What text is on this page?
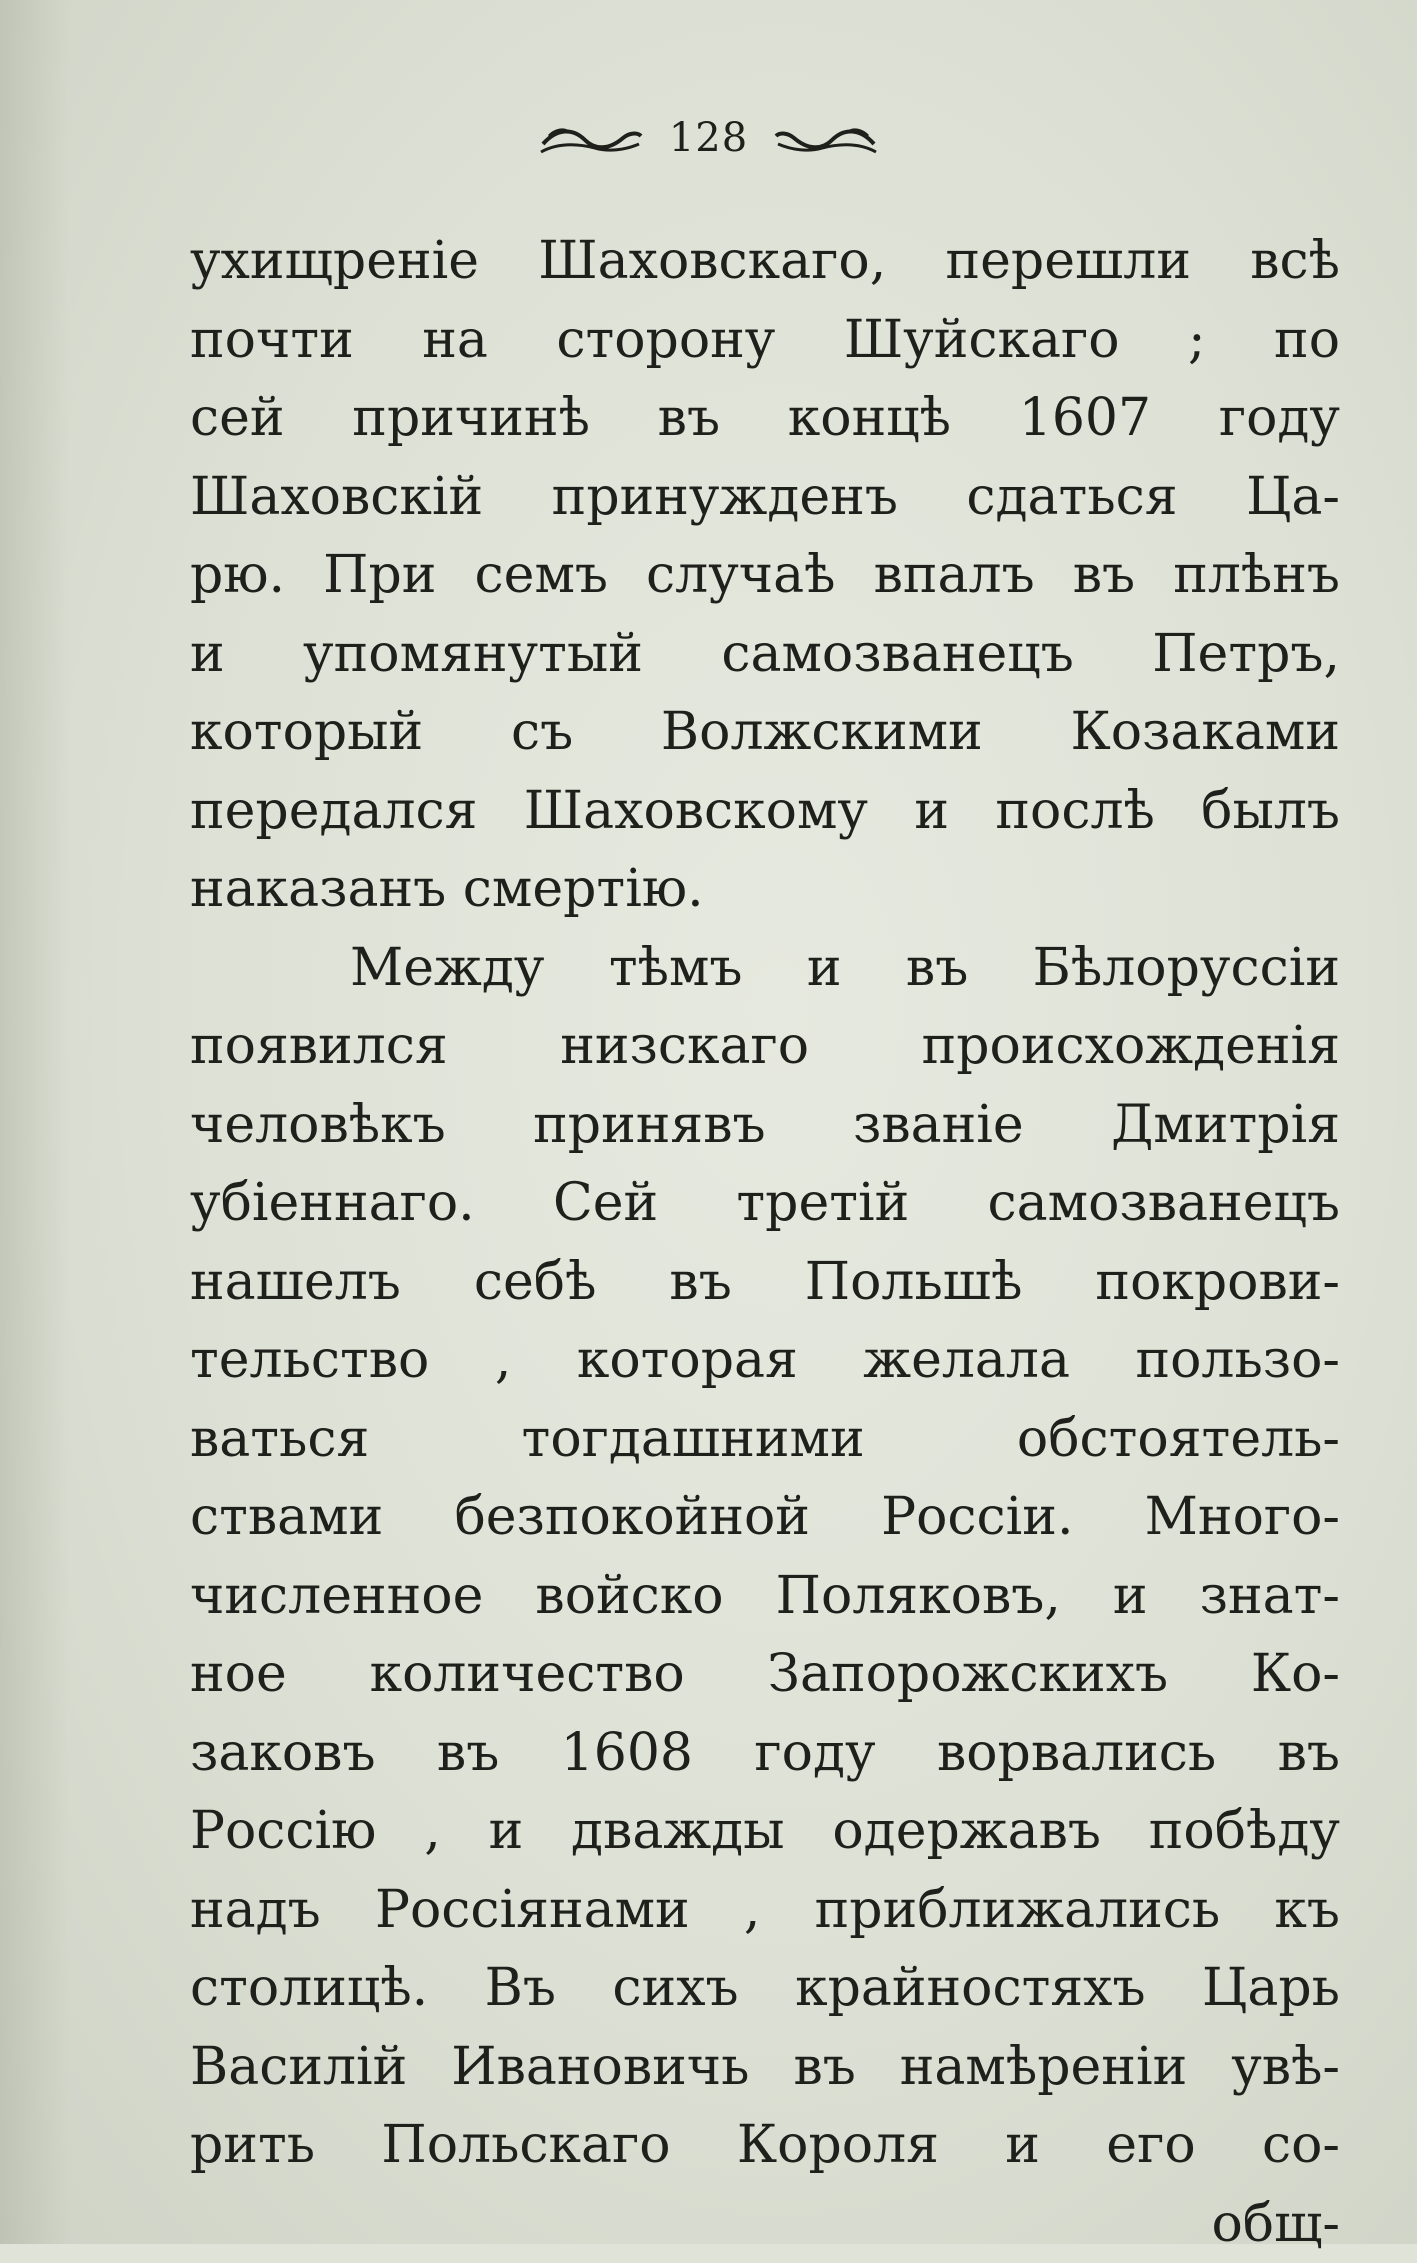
128
ухищреніе Шаховскаго, перешли всѣ
почти на сторону Шуйскаго ; по
сей причинѣ въ концѣ 1607 году
Шаховскій принужденъ сдаться Ца-
рю. При семъ случаѣ впалъ въ плѣнъ
и упомянутый самозванецъ Петръ,
который съ Волжскими Козаками
передался Шаховскому и послѣ былъ
наказанъ смертію.
Между тѣмъ и въ Бѣлоруссіи
появился низскаго происхожденія
человѣкъ принявъ званіе Дмитрія
убіеннаго. Сей третій самозванецъ
нашелъ себѣ въ Польшѣ покрови-
тельство , которая желала пользо-
ваться тогдашними обстоятель-
ствами безпокойной Россіи. Много-
численное войско Поляковъ, и знат-
ное количество Запорожскихъ Ко-
заковъ въ 1608 году ворвались въ
Россію , и дважды одержавъ побѣду
надъ Россіянами , приближались къ
столицѣ. Въ сихъ крайностяхъ Царь
Василій Ивановичь въ намѣреніи увѣ-
рить Польскаго Короля и его со-
общ-
